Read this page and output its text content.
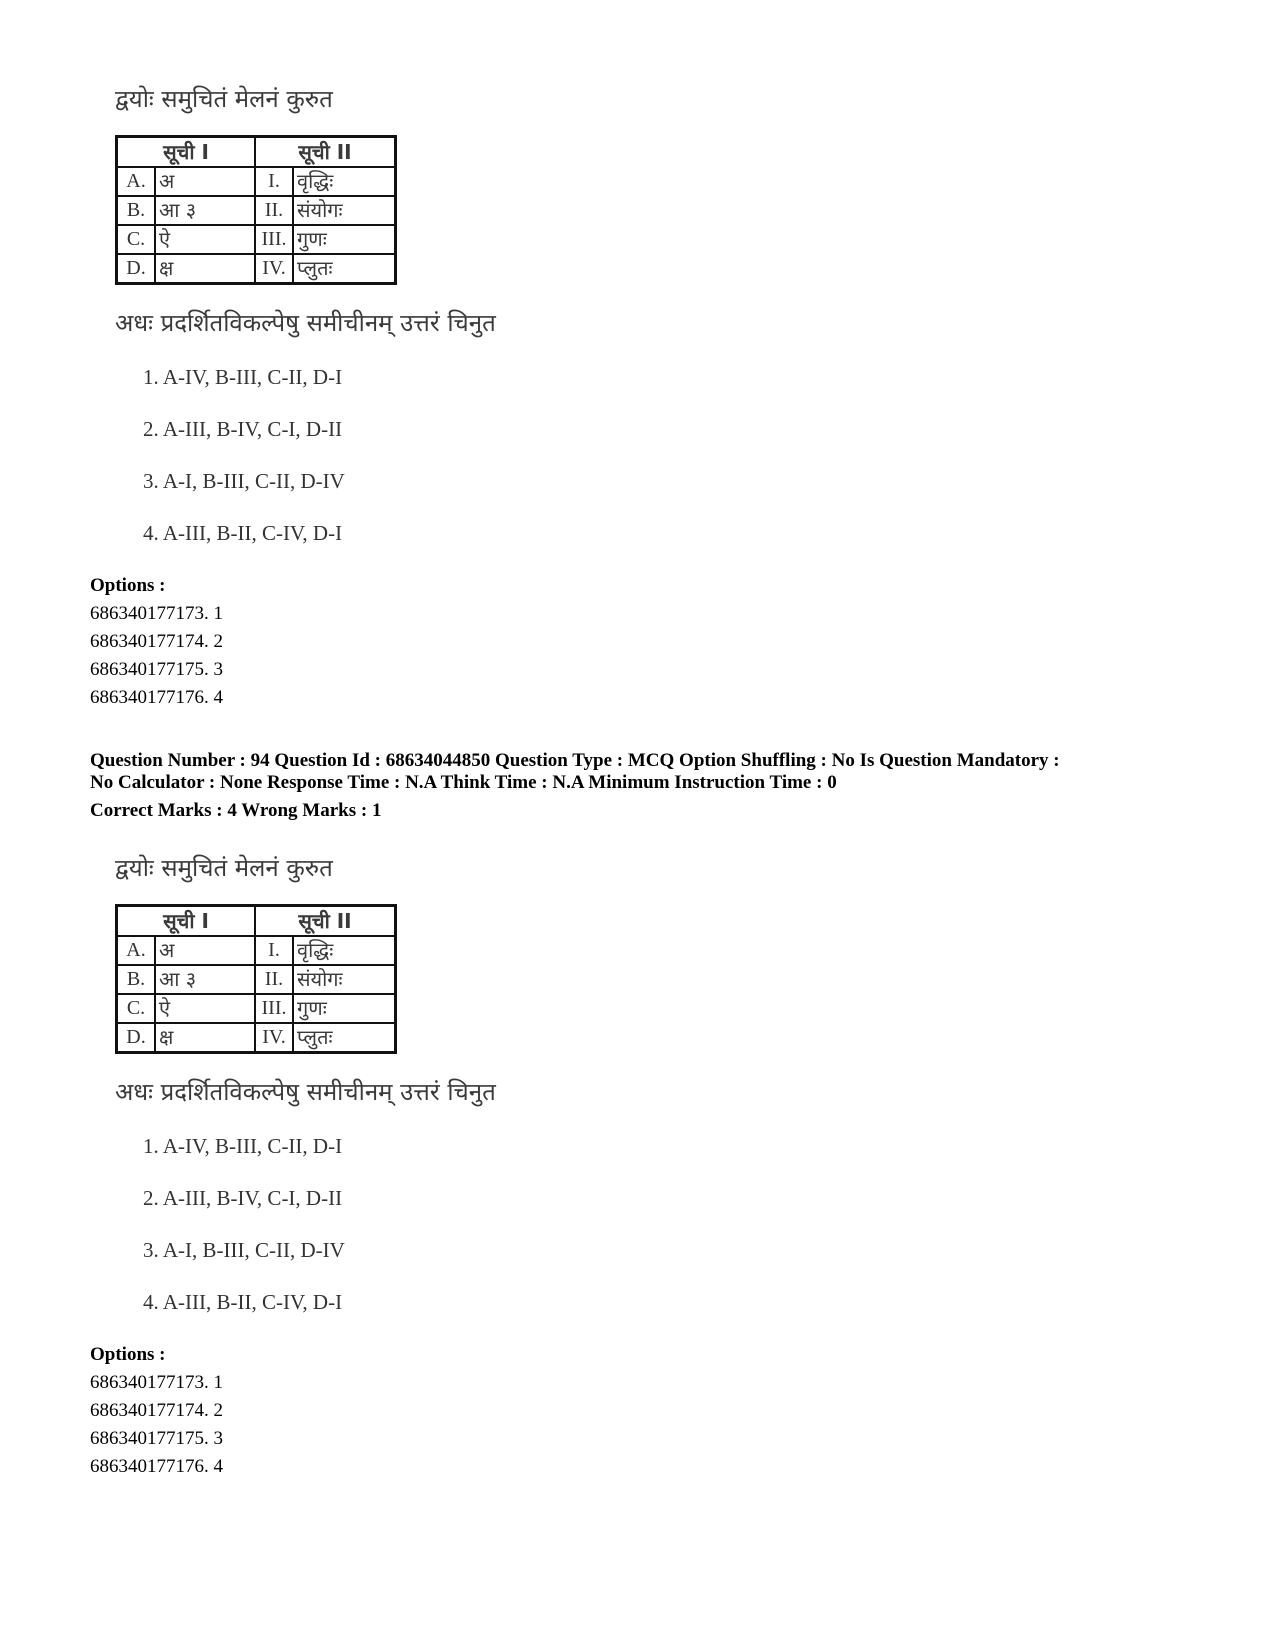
द्वयोः समुचितं मेलनं कुरुत

सूची I		सूची II	
A.	अ	I.	वृद्धिः
B.	आ ३	II.	संयोगः
C.	ऐ	III.	गुणः
D.	क्ष	IV.	प्लुतः

अधः प्रदर्शितविकल्पेषु समीचीनम् उत्तरं चिनुत

1. A-IV, B-III, C-II, D-I
2. A-III, B-IV, C-I, D-II
3. A-I, B-III, C-II, D-IV
4. A-III, B-II, C-IV, D-I
Options :
686340177173. 1
686340177174. 2
686340177175. 3
686340177176. 4
Question Number : 94 Question Id : 68634044850 Question Type : MCQ Option Shuffling : No Is Question Mandatory :
No Calculator : None Response Time : N.A Think Time : N.A Minimum Instruction Time : 0
Correct Marks : 4 Wrong Marks : 1

द्वयोः समुचितं मेलनं कुरुत

सूची I		सूची II	
A.	अ	I.	वृद्धिः
B.	आ ३	II.	संयोगः
C.	ऐ	III.	गुणः
D.	क्ष	IV.	प्लुतः

अधः प्रदर्शितविकल्पेषु समीचीनम् उत्तरं चिनुत

1. A-IV, B-III, C-II, D-I
2. A-III, B-IV, C-I, D-II
3. A-I, B-III, C-II, D-IV
4. A-III, B-II, C-IV, D-I
Options :
686340177173. 1
686340177174. 2
686340177175. 3
686340177176. 4
